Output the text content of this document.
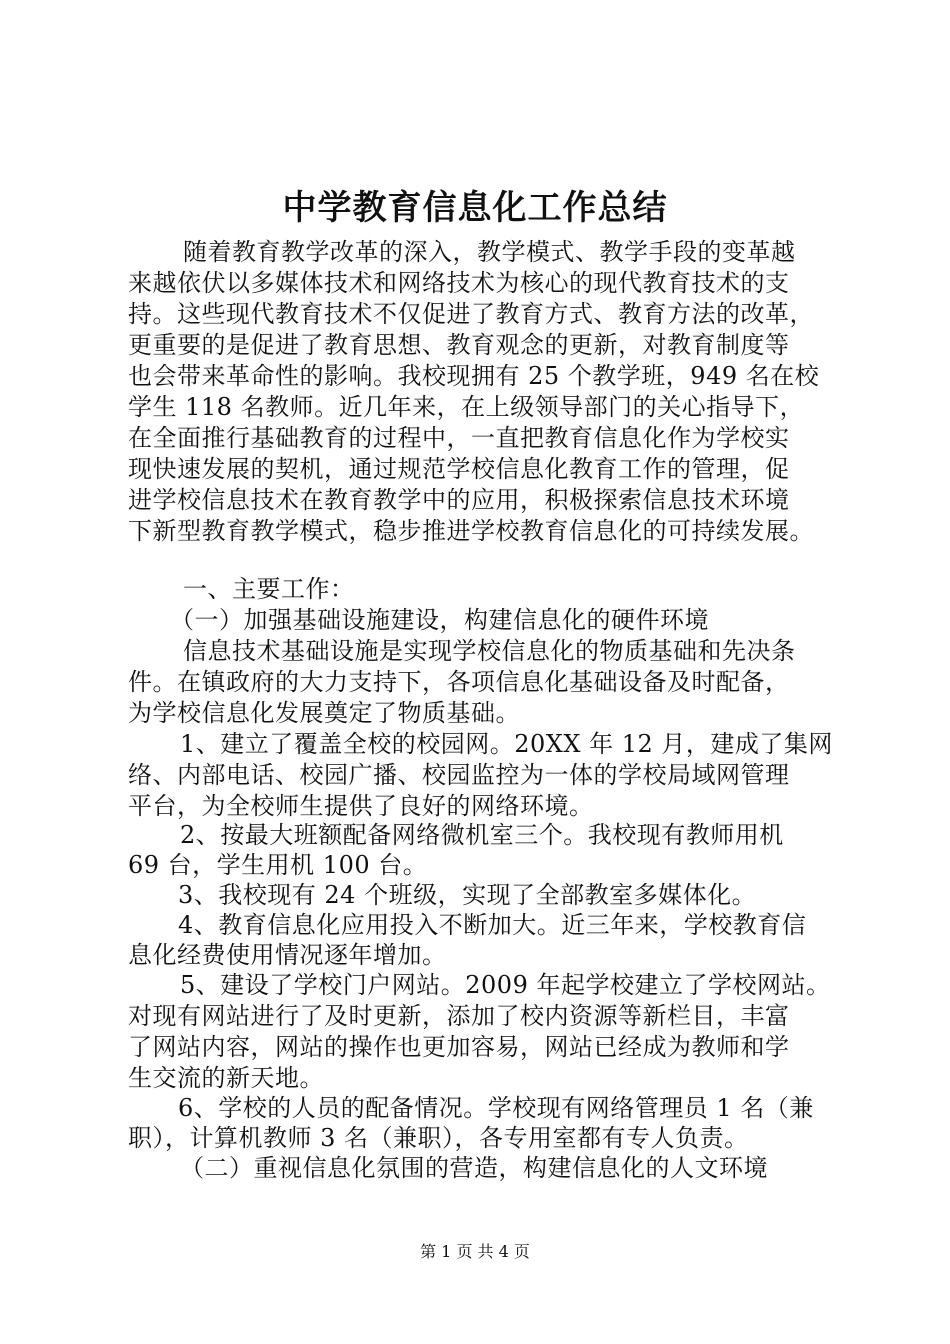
中学教育信息化工作总结
随着教育教学改革的深入，教学模式、教学手段的变革越
来越依伏以多媒体技术和网络技术为核心的现代教育技术的支
持。这些现代教育技术不仅促进了教育方式、教育方法的改革，
更重要的是促进了教育思想、教育观念的更新，对教育制度等
也会带来革命性的影响。我校现拥有 25 个教学班，949 名在校
学生 118 名教师。近几年来，在上级领导部门的关心指导下，
在全面推行基础教育的过程中，一直把教育信息化作为学校实
现快速发展的契机，通过规范学校信息化教育工作的管理，促
进学校信息技术在教育教学中的应用，积极探索信息技术环境
下新型教育教学模式，稳步推进学校教育信息化的可持续发展。
一、主要工作：
（一）加强基础设施建设，构建信息化的硬件环境
信息技术基础设施是实现学校信息化的物质基础和先决条
件。在镇政府的大力支持下，各项信息化基础设备及时配备，
为学校信息化发展奠定了物质基础。
1、建立了覆盖全校的校园网。20XX 年 12 月，建成了集网
络、内部电话、校园广播、校园监控为一体的学校局域网管理
平台，为全校师生提供了良好的网络环境。
2、按最大班额配备网络微机室三个。我校现有教师用机
69 台，学生用机 100 台。
3、我校现有 24 个班级，实现了全部教室多媒体化。
4、教育信息化应用投入不断加大。近三年来，学校教育信
息化经费使用情况逐年增加。
5、建设了学校门户网站。2009 年起学校建立了学校网站。
对现有网站进行了及时更新，添加了校内资源等新栏目，丰富
了网站内容，网站的操作也更加容易，网站已经成为教师和学
生交流的新天地。
6、学校的人员的配备情况。学校现有网络管理员 1 名（兼
职），计算机教师 3 名（兼职），各专用室都有专人负责。
（二）重视信息化氛围的营造，构建信息化的人文环境
第 1 页 共 4 页
